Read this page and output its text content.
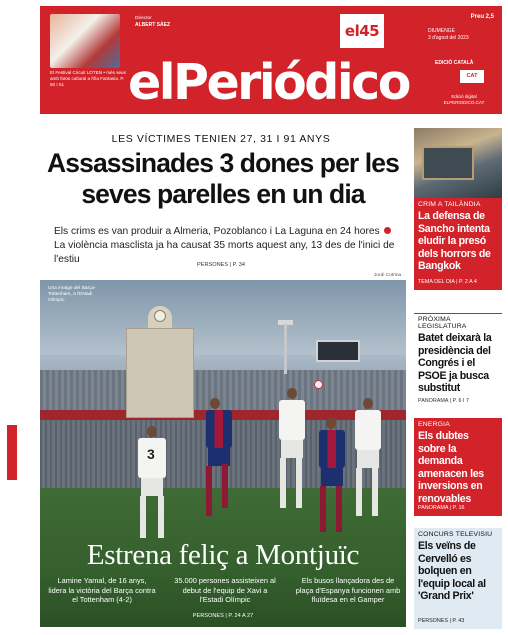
El Festival Circuit LOTEN • més seus amb fotos cultural a l'illa Fantasia. P. 50 I 51
Director
ALBERT SÁEZ	el45
elPeriódico
Preu 2,5
DIUMENGE
3 d'agost del 2023
EDICIÓ CATALÀ
CAT
Edició digital
ELPERIODICO.CAT
LES VÍCTIMES TENIEN 27, 31 I 91 ANYS
Assassinades 3 dones per les seves parelles en un dia
Els crims es van produir a Almeria, Pozoblanco i La Laguna en 24 hores  La violència masclista ja ha causat 35 morts aquest any, 13 des de l'inici de l'estiu	PERSONES | P. 34
Jordi Cotrina
Una imatge del Barça-Tottenham, a l'Estadi Olímpic.
3
Estrena feliç a Montjuïc
Lamine Yamal, de 16 anys, lidera la victòria del Barça contra el Tottenham (4-2)
35.000 persones assisteixen al debut de l'equip de Xavi a l'Estadi Olímpic
Els busos llançadora des de plaça d'Espanya funcionen amb fluïdesa en el Gamper
PERSONES | P. 24 A 27
CRIM A TAILÀNDIA
La defensa de Sancho intenta eludir la presó dels horrors de Bangkok
TEMA DEL DIA | P. 2 A 4
PRÒXIMA LEGISLATURA
Batet deixarà la presidència del Congrés i el PSOE ja busca substitut
PANORAMA | P. 6 I 7
ENERGIA
Els dubtes sobre la demanda amenacen les inversions en renovables
PANORAMA | P. 16
CONCURS TELEVISIU
Els veïns de Cervelló es bolquen en l'equip local al 'Grand Prix'
PERSONES | P. 43
